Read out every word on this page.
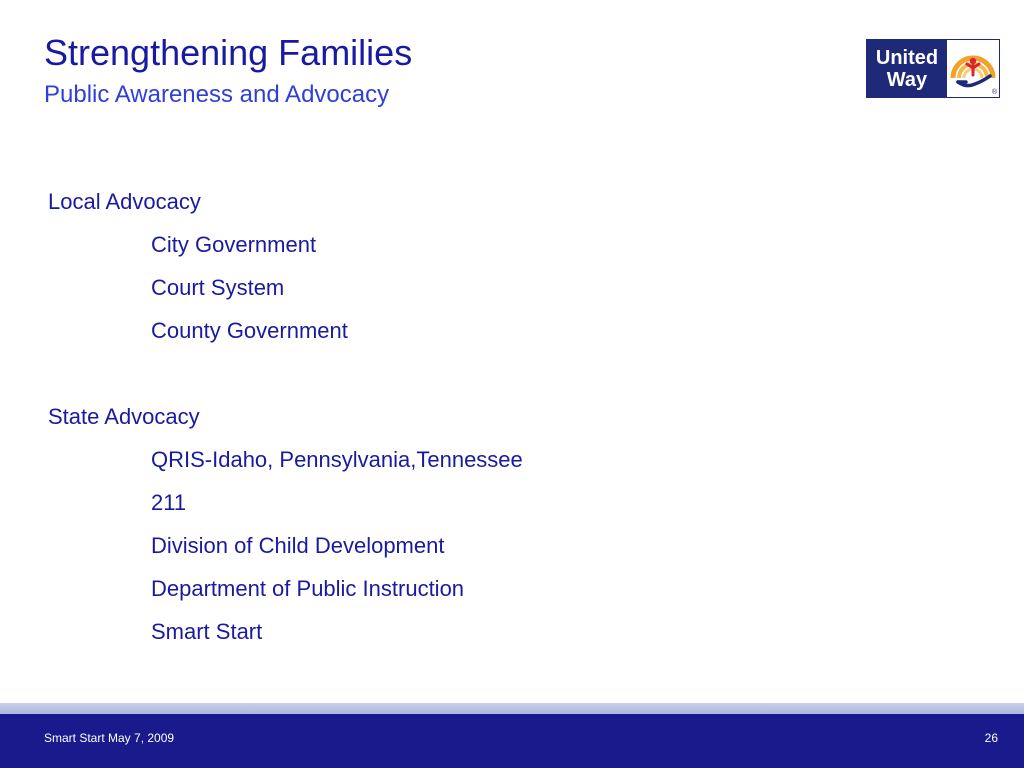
Strengthening Families
Public Awareness and Advocacy
United
Way
®
Local Advocacy
City Government
Court System
County Government
State Advocacy
QRIS-Idaho, Pennsylvania,Tennessee
211
Division of Child Development
Department of Public Instruction
Smart Start
Smart Start May 7, 2009	26
